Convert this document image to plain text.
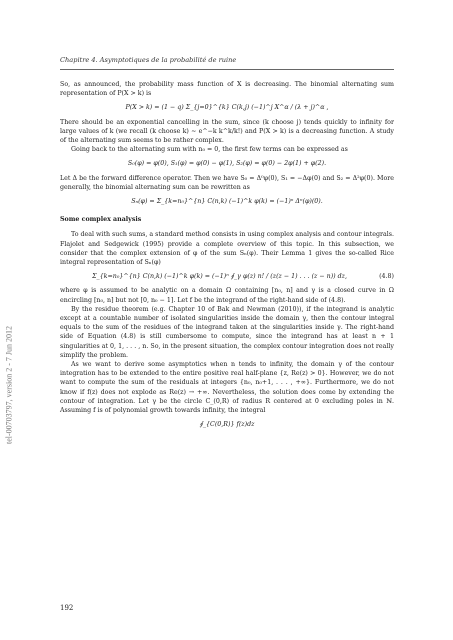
tel-00703797, version 2 - 7 Jun 2012
Chapitre 4. Asymptotiques de la probabilité de ruine

So, as announced, the probability mass function of X is decreasing. The binomial alternating sum representation of P(X > k) is

P(X > k) = (1 − q) Σ_{j=0}^{k} C(k,j) (−1)^j X^α / (λ + j)^α ,

There should be an exponential cancelling in the sum, since (k choose j) tends quickly to infinity for large values of k (we recall (k choose k) ∼ e^−k k^k/k!) and P(X > k) is a decreasing function. A study of the alternating sum seems to be rather complex.

Going back to the alternating sum with n₀ = 0, the first few terms can be expressed as

S₀(φ) = φ(0), S₁(φ) = φ(0) − φ(1), S₂(φ) = φ(0) − 2φ(1) + φ(2).

Let Δ be the forward difference operator. Then we have S₀ = Δ⁰φ(0), S₁ = −Δφ(0) and S₂ = Δ²φ(0). More generally, the binomial alternating sum can be rewritten as

Sₙ(φ) = Σ_{k=n₀}^{n} C(n,k) (−1)^k φ(k) = (−1)ⁿ Δⁿ(φ)(0).

Some complex analysis

To deal with such sums, a standard method consists in using complex analysis and contour integrals. Flajolet and Sedgewick (1995) provide a complete overview of this topic. In this subsection, we consider that the complex extension of φ of the sum Sₙ(φ). Their Lemma 1 gives the so-called Rice integral representation of Sₙ(φ)

Σ_{k=n₀}^{n} C(n,k) (−1)^k φ(k) = (−1)ⁿ ∮_γ φ(z) n! / (z(z − 1) . . . (z − n)) dz,	(4.8)

where φ is assumed to be analytic on a domain Ω containing [n₀, n] and γ is a closed curve in Ω encircling [n₀, n] but not [0, n₀ − 1]. Let f be the integrand of the right-hand side of (4.8).

By the residue theorem (e.g. Chapter 10 of Bak and Newman (2010)), if the integrand is analytic except at a countable number of isolated singularities inside the domain γ, then the contour integral equals to the sum of the residues of the integrand taken at the singularities inside γ. The right-hand side of Equation (4.8) is still cumbersome to compute, since the integrand has at least n + 1 singularities at 0, 1, . . . , n. So, in the present situation, the complex contour integration does not really simplify the problem.

As we want to derive some asymptotics when n tends to infinity, the domain γ of the contour integration has to be extended to the entire positive real half-plane {z, Re(z) > 0}. However, we do not want to compute the sum of the residuals at integers {n₀, n₀+1, . . . , +∞}. Furthermore, we do not know if f(z) does not explode as Re(z) → +∞. Nevertheless, the solution does come by extending the contour of integration. Let γ be the circle C_(0,R) of radius R centered at 0 excluding poles in ℕ. Assuming f is of polynomial growth towards infinity, the integral

∮_{C(0,R)} f(z)dz
192
